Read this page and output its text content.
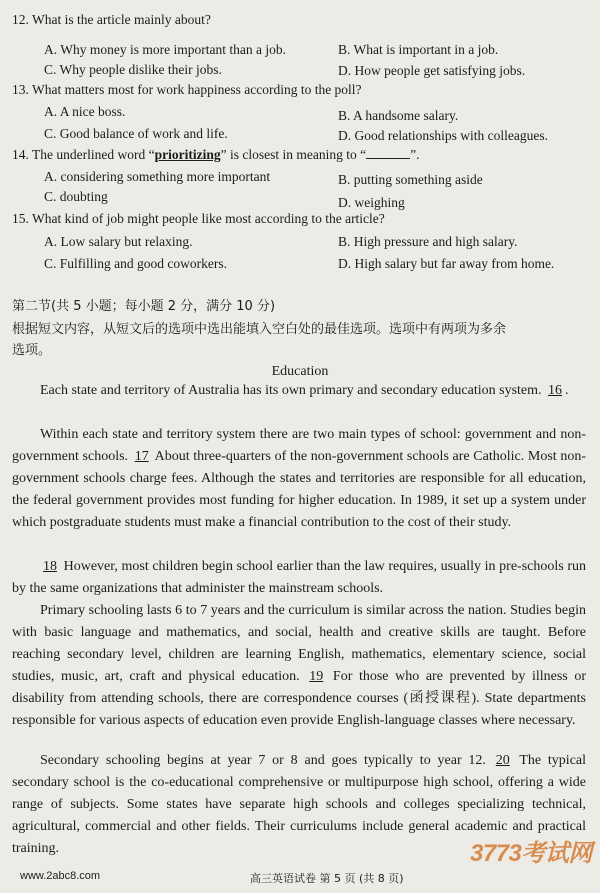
12. What is the article mainly about?
A. Why money is more important than a job.	B. What is important in a job.
C. Why people dislike their jobs.	D. How people get satisfying jobs.
13. What matters most for work happiness according to the poll?
A. A nice boss.	B. A handsome salary.
C. Good balance of work and life.	D. Good relationships with colleagues.
14. The underlined word “prioritizing” is closest in meaning to “	”.
A. considering something more important	B. putting something aside
C. doubting	D. weighing
15. What kind of job might people like most according to the article?
A. Low salary but relaxing.	B. High pressure and high salary.
C. Fulfilling and good coworkers.	D. High salary but far away from home.
第二节(共 5 小题；每小题 2 分，满分 10 分)
根据短文内容，从短文后的选项中选出能填入空白处的最佳选项。选项中有两项为多余
选项。
Education

Each state and territory of Australia has its own primary and secondary education system. 16 .

Within each state and territory system there are two main types of school: government and non-government schools. 17 About three-quarters of the non-government schools are Catholic. Most non-government schools charge fees. Although the states and territories are responsible for all education, the federal government provides most funding for higher education. In 1989, it set up a system under which postgraduate students must make a financial contribution to the cost of their study.

18 However, most children begin school earlier than the law requires, usually in pre-schools run by the same organizations that administer the mainstream schools.

Primary schooling lasts 6 to 7 years and the curriculum is similar across the nation. Studies begin with basic language and mathematics, and social, health and creative skills are taught. Before reaching secondary level, children are learning English, mathematics, elementary science, social studies, music, art, craft and physical education. 19 For those who are prevented by illness or disability from attending schools, there are correspondence courses (函授课程). State departments responsible for various aspects of education even provide English-language classes where necessary.

Secondary schooling begins at year 7 or 8 and goes typically to year 12. 20 The typical secondary school is the co-educational comprehensive or multipurpose high school, offering a wide range of subjects. Some states have separate high schools and colleges specializing technical, agricultural, commercial and other fields. Their curriculums include general academic and practical training.	3773考试网
www.2abc8.com	高三英语试卷 第 5 页 (共 8 页)
